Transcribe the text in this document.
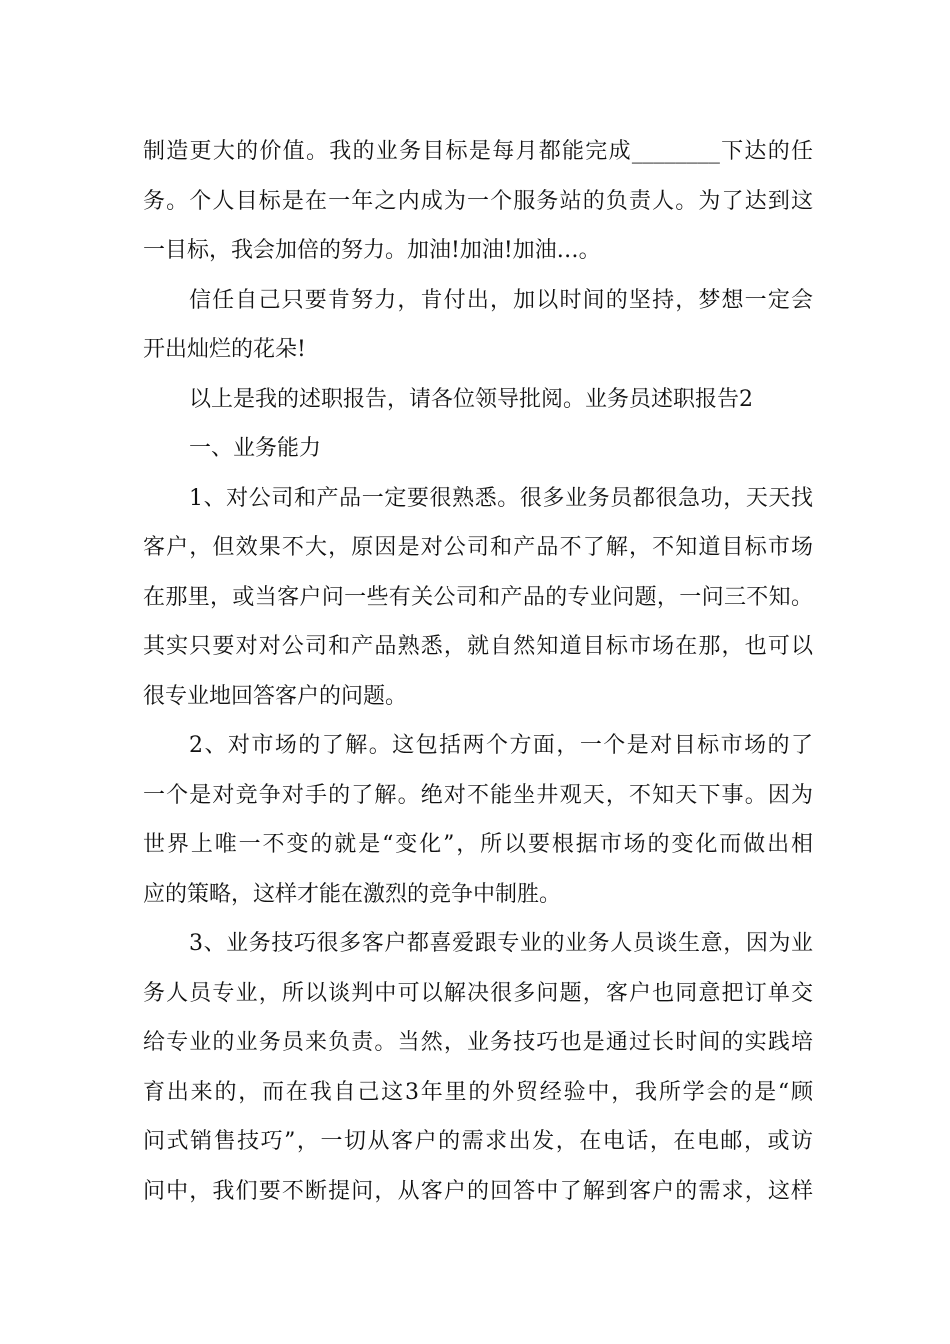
制造更大的价值。我的业务目标是每月都能完成________下达的任
务。个人目标是在一年之内成为一个服务站的负责人。为了达到这
一目标，我会加倍的努力。加油!加油!加油…。
信任自己只要肯努力，肯付出，加以时间的坚持，梦想一定会
开出灿烂的花朵!
以上是我的述职报告，请各位领导批阅。业务员述职报告2
一、业务能力
1、对公司和产品一定要很熟悉。很多业务员都很急功，天天找
客户，但效果不大，原因是对公司和产品不了解，不知道目标市场
在那里，或当客户问一些有关公司和产品的专业问题，一问三不知。
其实只要对对公司和产品熟悉，就自然知道目标市场在那，也可以
很专业地回答客户的问题。
2、对市场的了解。这包括两个方面，一个是对目标市场的了
一个是对竞争对手的了解。绝对不能坐井观天，不知天下事。因为
世界上唯一不变的就是“变化”，所以要根据市场的变化而做出相
应的策略，这样才能在激烈的竞争中制胜。
3、业务技巧很多客户都喜爱跟专业的业务人员谈生意，因为业
务人员专业，所以谈判中可以解决很多问题，客户也同意把订单交
给专业的业务员来负责。当然，业务技巧也是通过长时间的实践培
育出来的，而在我自己这3年里的外贸经验中，我所学会的是“顾
问式销售技巧”，一切从客户的需求出发，在电话，在电邮，或访
问中，我们要不断提问，从客户的回答中了解到客户的需求，这样
